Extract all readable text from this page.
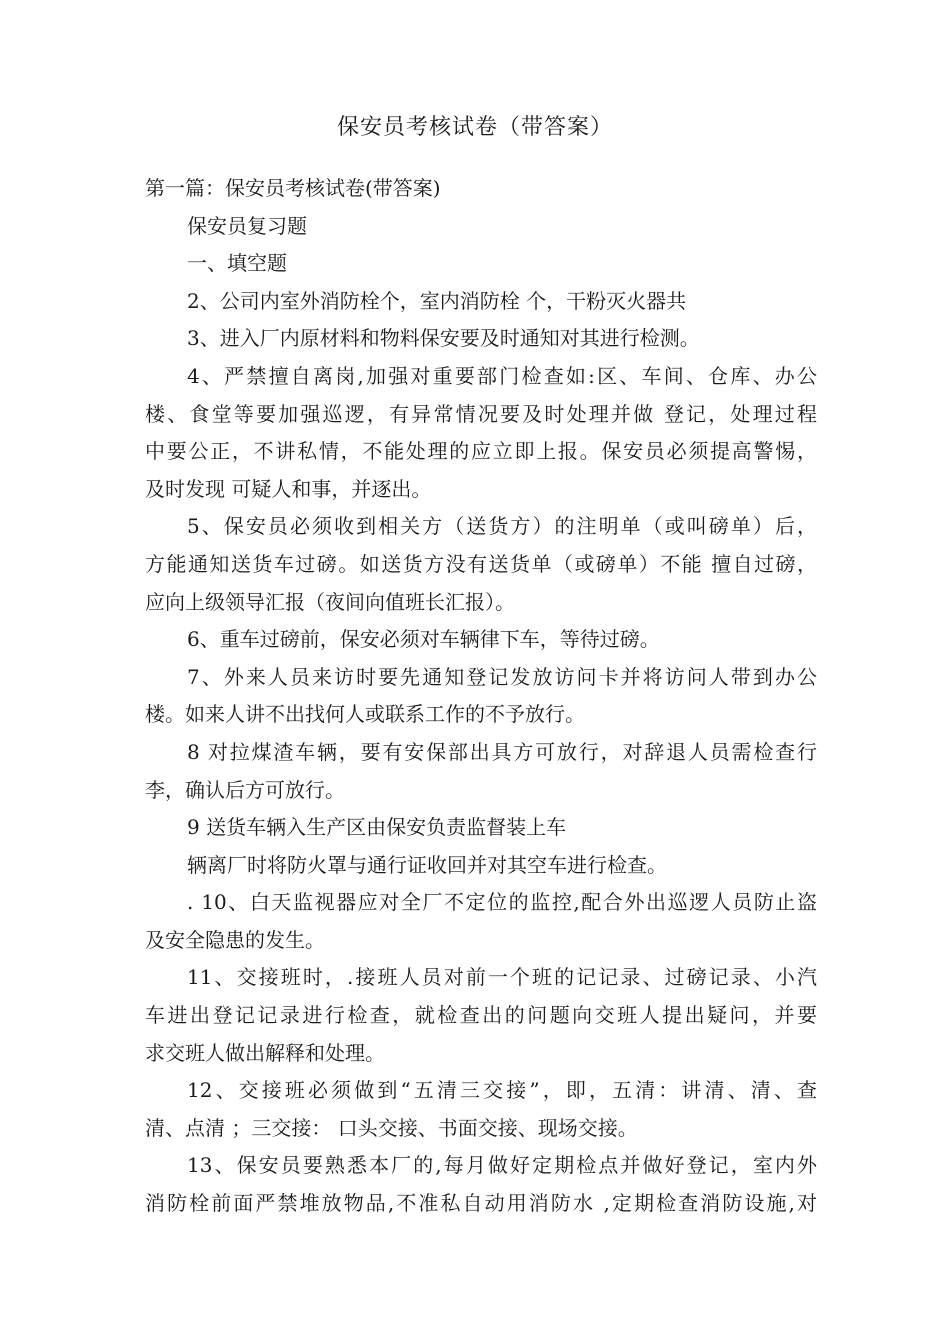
保安员考核试卷（带答案）
第一篇：保安员考核试卷(带答案)
保安员复习题
一、填空题
2、公司内室外消防栓个，室内消防栓 个，干粉灭火器共
3、进入厂内原材料和物料保安要及时通知对其进行检测。
4、严禁擅自离岗,加强对重要部门检查如:区、车间、仓库、办公
楼、食堂等要加强巡逻，有异常情况要及时处理并做 登记，处理过程
中要公正，不讲私情，不能处理的应立即上报。保安员必须提高警惕，
及时发现 可疑人和事，并逐出。
5、保安员必须收到相关方（送货方）的注明单（或叫磅单）后，
方能通知送货车过磅。如送货方没有送货单（或磅单）不能 擅自过磅，
应向上级领导汇报（夜间向值班长汇报）。
6、重车过磅前，保安必须对车辆律下车，等待过磅。
7、外来人员来访时要先通知登记发放访问卡并将访问人带到办公
楼。如来人讲不出找何人或联系工作的不予放行。
8 对拉煤渣车辆，要有安保部出具方可放行，对辞退人员需检查行
李，确认后方可放行。
9 送货车辆入生产区由保安负责监督装上车
辆离厂时将防火罩与通行证收回并对其空车进行检查。
. 10、白天监视器应对全厂不定位的监控,配合外出巡逻人员防止盗
及安全隐患的发生。
11、交接班时，.接班人员对前一个班的记记录、过磅记录、小汽
车进出登记记录进行检查，就检查出的问题向交班人提出疑问，并要
求交班人做出解释和处理。
12、交接班必须做到“五清三交接”，即，五清：讲清、清、查
清、点清 ；三交接： 口头交接、书面交接、现场交接。
13、保安员要熟悉本厂的,每月做好定期检点并做好登记，室内外
消防栓前面严禁堆放物品,不准私自动用消防水 ,定期检查消防设施,对
